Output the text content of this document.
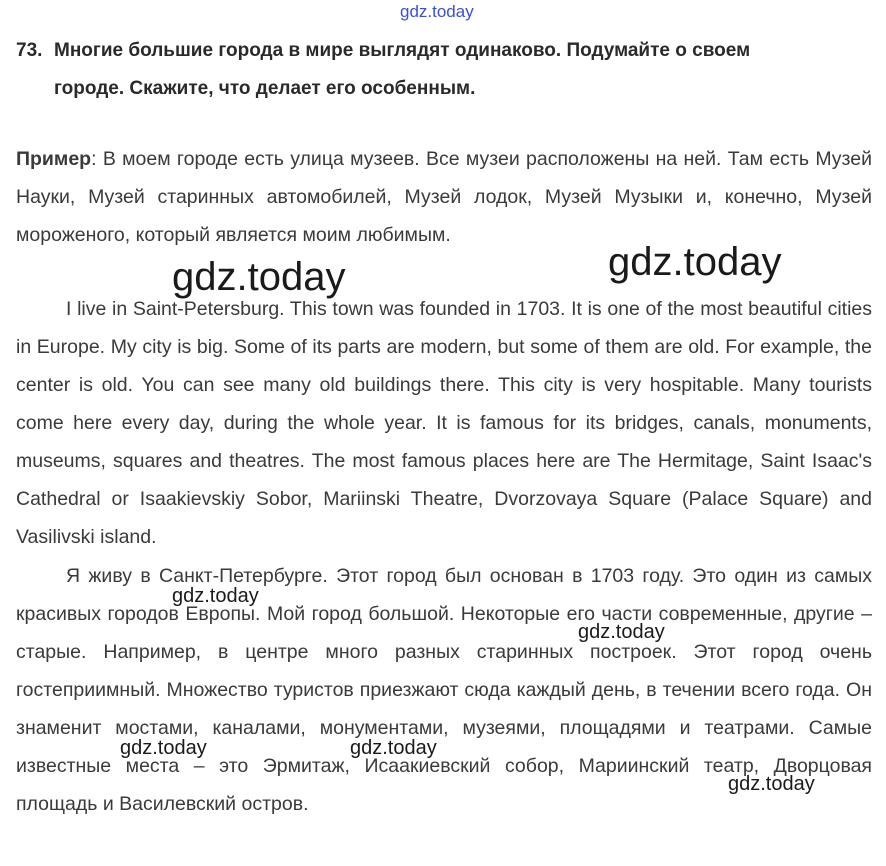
gdz.today
73. Многие большие города в мире выглядят одинаково. Подумайте о своем
городе. Скажите, что делает его особенным.

Пример: В моем городе есть улица музеев. Все музеи расположены на ней. Там есть Музей Науки, Музей старинных автомобилей, Музей лодок, Музей Музыки и, конечно, Музей мороженого, который является моим любимым.

I live in Saint-Petersburg. This town was founded in 1703. It is one of the most beautiful cities in Europe. My city is big. Some of its parts are modern, but some of them are old. For example, the center is old. You can see many old buildings there. This city is very hospitable. Many tourists come here every day, during the whole year. It is famous for its bridges, canals, monuments, museums, squares and theatres. The most famous places here are The Hermitage, Saint Isaac's Cathedral or Isaakievskiy Sobor, Mariinski Theatre, Dvorzovaya Square (Palace Square) and Vasilivski island.

Я живу в Санкт-Петербурге. Этот город был основан в 1703 году. Это один из самых красивых городов Европы. Мой город большой. Некоторые его части современные, другие – старые. Например, в центре много разных старинных построек. Этот город очень гостеприимный. Множество туристов приезжают сюда каждый день, в течении всего года. Он знаменит мостами, каналами, монументами, музеями, площадями и театрами. Самые известные места – это Эрмитаж, Исаакиевский собор, Мариинский театр, Дворцовая площадь и Василевский остров.

gdz.today	gdz.today
gdz.today
gdz.today
gdz.today	gdz.today
gdz.today
